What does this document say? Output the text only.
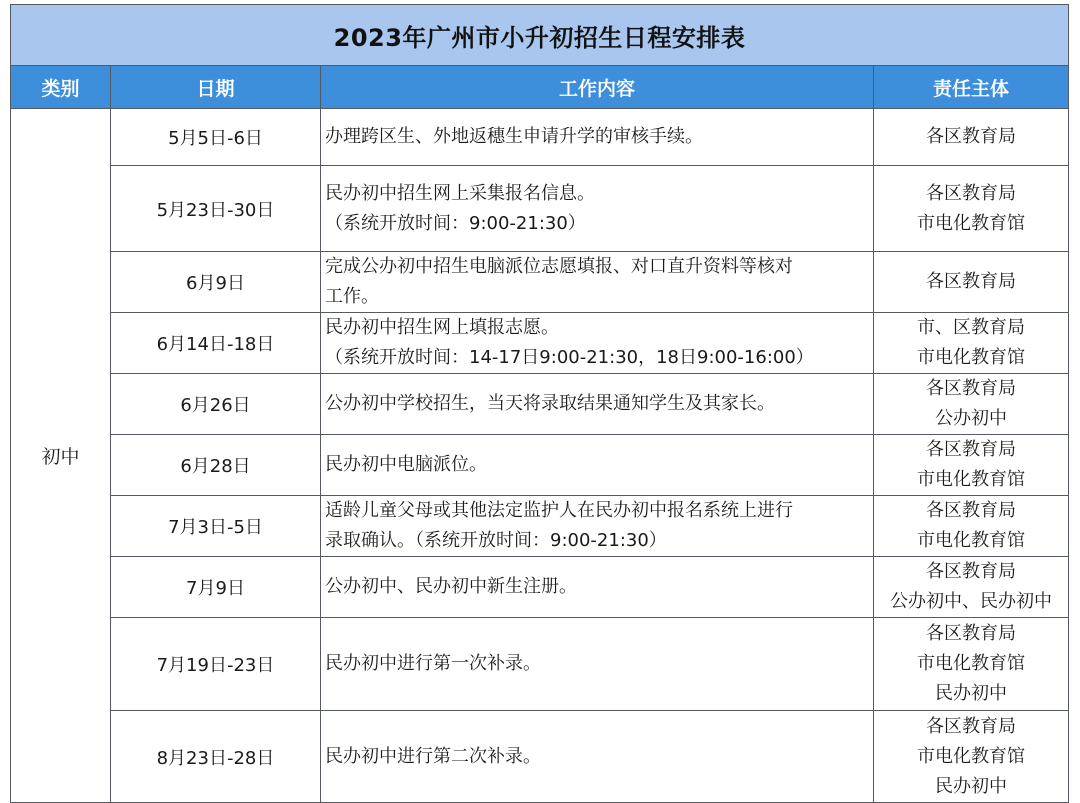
2023年广州市小升初招生日程安排表			
类别	日期	工作内容	责任主体
初中	5月5日-6日	办理跨区生、外地返穗生申请升学的审核手续。	各区教育局

	5月23日-30日	民办初中招生网上采集报名信息。
（系统开放时间：9:00-21:30）	各区教育局
市电化教育馆

	6月9日	完成公办初中招生电脑派位志愿填报、对口直升资料等核对
工作。	各区教育局

	6月14日-18日	民办初中招生网上填报志愿。
（系统开放时间：14-17日9:00-21:30，18日9:00-16:00）	市、区教育局
市电化教育馆

	6月26日	公办初中学校招生，当天将录取结果通知学生及其家长。	各区教育局
公办初中

	6月28日	民办初中电脑派位。	各区教育局
市电化教育馆

	7月3日-5日	适龄儿童父母或其他法定监护人在民办初中报名系统上进行
录取确认。（系统开放时间：9:00-21:30）	各区教育局
市电化教育馆

	7月9日	公办初中、民办初中新生注册。	各区教育局
公办初中、民办初中

	7月19日-23日	民办初中进行第一次补录。	各区教育局
市电化教育馆
民办初中

	8月23日-28日	民办初中进行第二次补录。	各区教育局
市电化教育馆
民办初中
